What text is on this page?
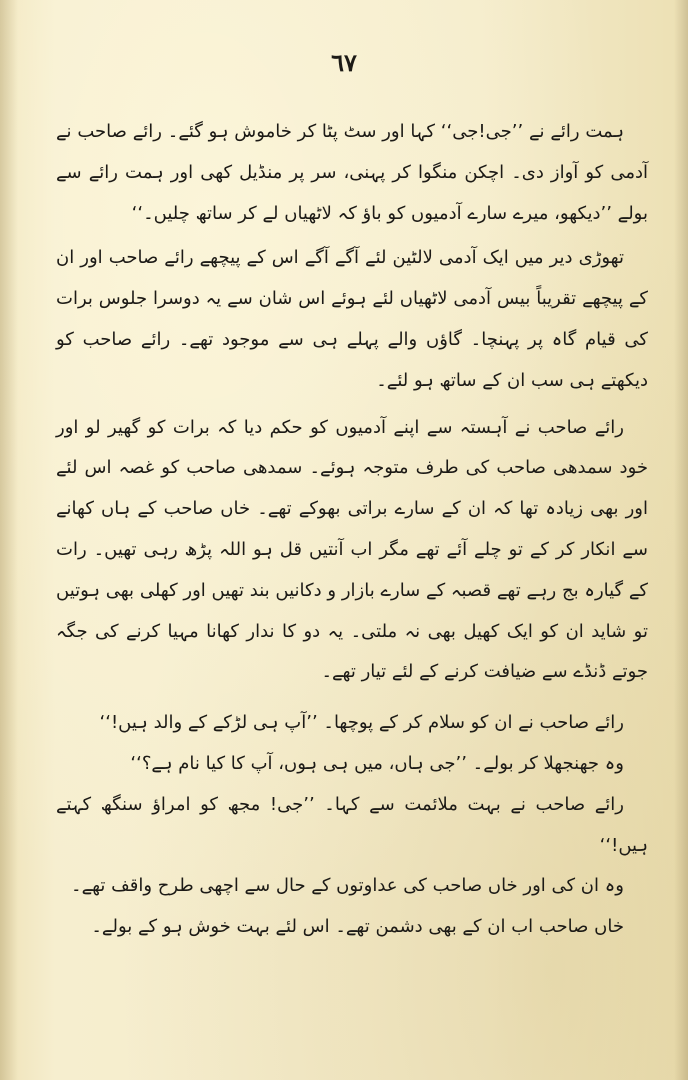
٦٧

ہمت رائے نے ’’جی!جی‘‘ کہا اور سٹ پٹا کر خاموش ہو گئے۔ رائے صاحب نے آدمی کو آواز دی۔ اچکن منگوا کر پہنی، سر پر منڈیل کھی اور ہمت رائے سے بولے ’’دیکھو، میرے سارے آدمیوں کو باؤ کہ لاٹھیاں لے کر ساتھ چلیں۔‘‘

تھوڑی دیر میں ایک آدمی لالٹین لئے آگے آگے اس کے پیچھے رائے صاحب اور ان کے پیچھے تقریباً بیس آدمی لاٹھیاں لئے ہوئے اس شان سے یہ دوسرا جلوس برات کی قیام گاہ پر پہنچا۔ گاؤں والے پہلے ہی سے موجود تھے۔ رائے صاحب کو دیکھتے ہی سب ان کے ساتھ ہو لئے۔

رائے صاحب نے آہستہ سے اپنے آدمیوں کو حکم دیا کہ برات کو گھیر لو اور خود سمدھی صاحب کی طرف متوجہ ہوئے۔ سمدھی صاحب کو غصہ اس لئے اور بھی زیادہ تھا کہ ان کے سارے براتی بھوکے تھے۔ خاں صاحب کے ہاں کھانے سے انکار کر کے تو چلے آئے تھے مگر اب آنتیں قل ہو اللہ پڑھ رہی تھیں۔ رات کے گیارہ بج رہے تھے قصبہ کے سارے بازار و دکانیں بند تھیں اور کھلی بھی ہوتیں تو شاید ان کو ایک کھیل بھی نہ ملتی۔ یہ دو کا ندار کھانا مہیا کرنے کی جگہ جوتے ڈنڈے سے ضیافت کرنے کے لئے تیار تھے۔

رائے صاحب نے ان کو سلام کر کے پوچھا۔ ’’آپ ہی لڑکے کے والد ہیں!‘‘

وہ جھنجھلا کر بولے۔ ’’جی ہاں، میں ہی ہوں، آپ کا کیا نام ہے؟‘‘

رائے صاحب نے بہت ملائمت سے کہا۔ ’’جی! مجھ کو امراؤ سنگھ کہتے ہیں!‘‘

وہ ان کی اور خاں صاحب کی عداوتوں کے حال سے اچھی طرح واقف تھے۔

خاں صاحب اب ان کے بھی دشمن تھے۔ اس لئے بہت خوش ہو کے بولے۔
